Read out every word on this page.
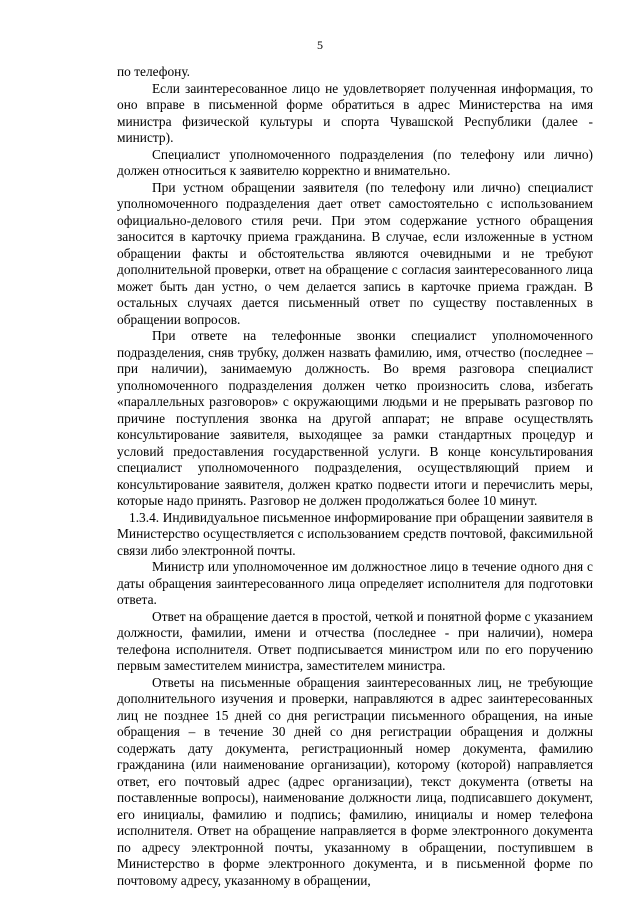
5

по телефону.

Если заинтересованное лицо не удовлетворяет полученная информация, то оно вправе в письменной форме обратиться в адрес Министерства на имя министра физической культуры и спорта Чувашской Республики (далее - министр).

Специалист уполномоченного подразделения (по телефону или лично) должен относиться к заявителю корректно и внимательно.

При устном обращении заявителя (по телефону или лично) специалист уполномоченного подразделения дает ответ самостоятельно с использованием официально-делового стиля речи. При этом содержание устного обращения заносится в карточку приема гражданина. В случае, если изложенные в устном обращении факты и обстоятельства являются очевидными и не требуют дополнительной проверки, ответ на обращение с согласия заинтересованного лица может быть дан устно, о чем делается запись в карточке приема граждан. В остальных случаях дается письменный ответ по существу поставленных в обращении вопросов.

При ответе на телефонные звонки специалист уполномоченного подразделения, сняв трубку, должен назвать фамилию, имя, отчество (последнее – при наличии), занимаемую должность. Во время разговора специалист уполномоченного подразделения должен четко произносить слова, избегать «параллельных разговоров» с окружающими людьми и не прерывать разговор по причине поступления звонка на другой аппарат; не вправе осуществлять консультирование заявителя, выходящее за рамки стандартных процедур и условий предоставления государственной услуги. В конце консультирования специалист уполномоченного подразделения, осуществляющий прием и консультирование заявителя, должен кратко подвести итоги и перечислить меры, которые надо принять. Разговор не должен продолжаться более 10 минут.

1.3.4. Индивидуальное письменное информирование при обращении заявителя в Министерство осуществляется с использованием средств почтовой, факсимильной связи либо электронной почты.

Министр или уполномоченное им должностное лицо в течение одного дня с даты обращения заинтересованного лица определяет исполнителя для подготовки ответа.

Ответ на обращение дается в простой, четкой и понятной форме с указанием должности, фамилии, имени и отчества (последнее - при наличии), номера телефона исполнителя. Ответ подписывается министром или по его поручению первым заместителем министра, заместителем министра.

Ответы на письменные обращения заинтересованных лиц, не требующие дополнительного изучения и проверки, направляются в адрес заинтересованных лиц не позднее 15 дней со дня регистрации письменного обращения, на иные обращения – в течение 30 дней со дня регистрации обращения и должны содержать дату документа, регистрационный номер документа, фамилию гражданина (или наименование организации), которому (которой) направляется ответ, его почтовый адрес (адрес организации), текст документа (ответы на поставленные вопросы), наименование должности лица, подписавшего документ, его инициалы, фамилию и подпись; фамилию, инициалы и номер телефона исполнителя. Ответ на обращение направляется в форме электронного документа по адресу электронной почты, указанному в обращении, поступившем в Министерство в форме электронного документа, и в письменной форме по почтовому адресу, указанному в обращении,
